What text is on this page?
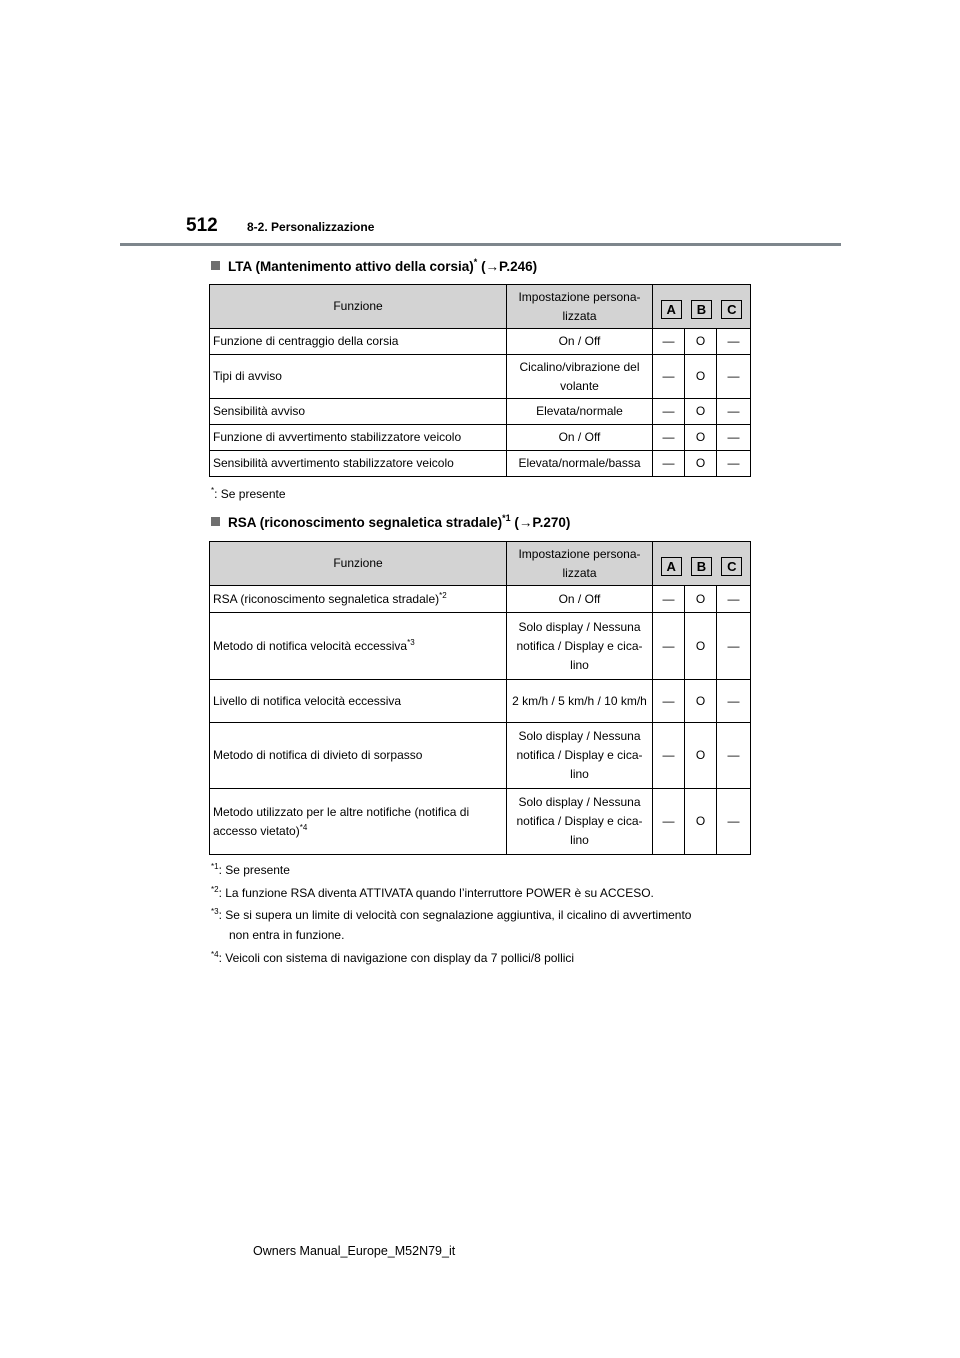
512 8-2. Personalizzazione
LTA (Mantenimento attivo della corsia)* (→P.246)
Funzione	Impostazione persona-lizzata	A B C		

Funzione di centraggio della corsia	On / Off	—	O	—
Tipi di avviso	Cicalino/vibrazione del volante	—	O	—
Sensibilità avviso	Elevata/normale	—	O	—
Funzione di avvertimento stabilizzatore veicolo	On / Off	—	O	—
Sensibilità avvertimento stabilizzatore veicolo	Elevata/normale/bassa	—	O	—
*: Se presente
RSA (riconoscimento segnaletica stradale)$^{*1}$ (→P.270)
Funzione	Impostazione persona-lizzata	A B C		

RSA (riconoscimento segnaletica stradale)$^{*2}$	On / Off	—	O	—
Metodo di notifica velocità eccessiva$^{*3}$	Solo display / Nessuna notifica / Display e cica-lino	—	O	—
Livello di notifica velocità eccessiva	2 km/h / 5 km/h / 10 km/h	—	O	—
Metodo di notifica di divieto di sorpasso	Solo display / Nessuna notifica / Display e cica-lino	—	O	—
Metodo utilizzato per le altre notifiche (notifica di accesso vietato)$^{*4}$	Solo display / Nessuna notifica / Display e cica-lino	—	O	—
$^{*1}$: Se presente
$^{*2}$: La funzione RSA diventa ATTIVATA quando l’interruttore POWER è su ACCESO.
$^{*3}$: Se si supera un limite di velocità con segnalazione aggiuntiva, il cicalino di avvertimento
non entra in funzione.
$^{*4}$: Veicoli con sistema di navigazione con display da 7 pollici/8 pollici
Owners Manual_Europe_M52N79_it
